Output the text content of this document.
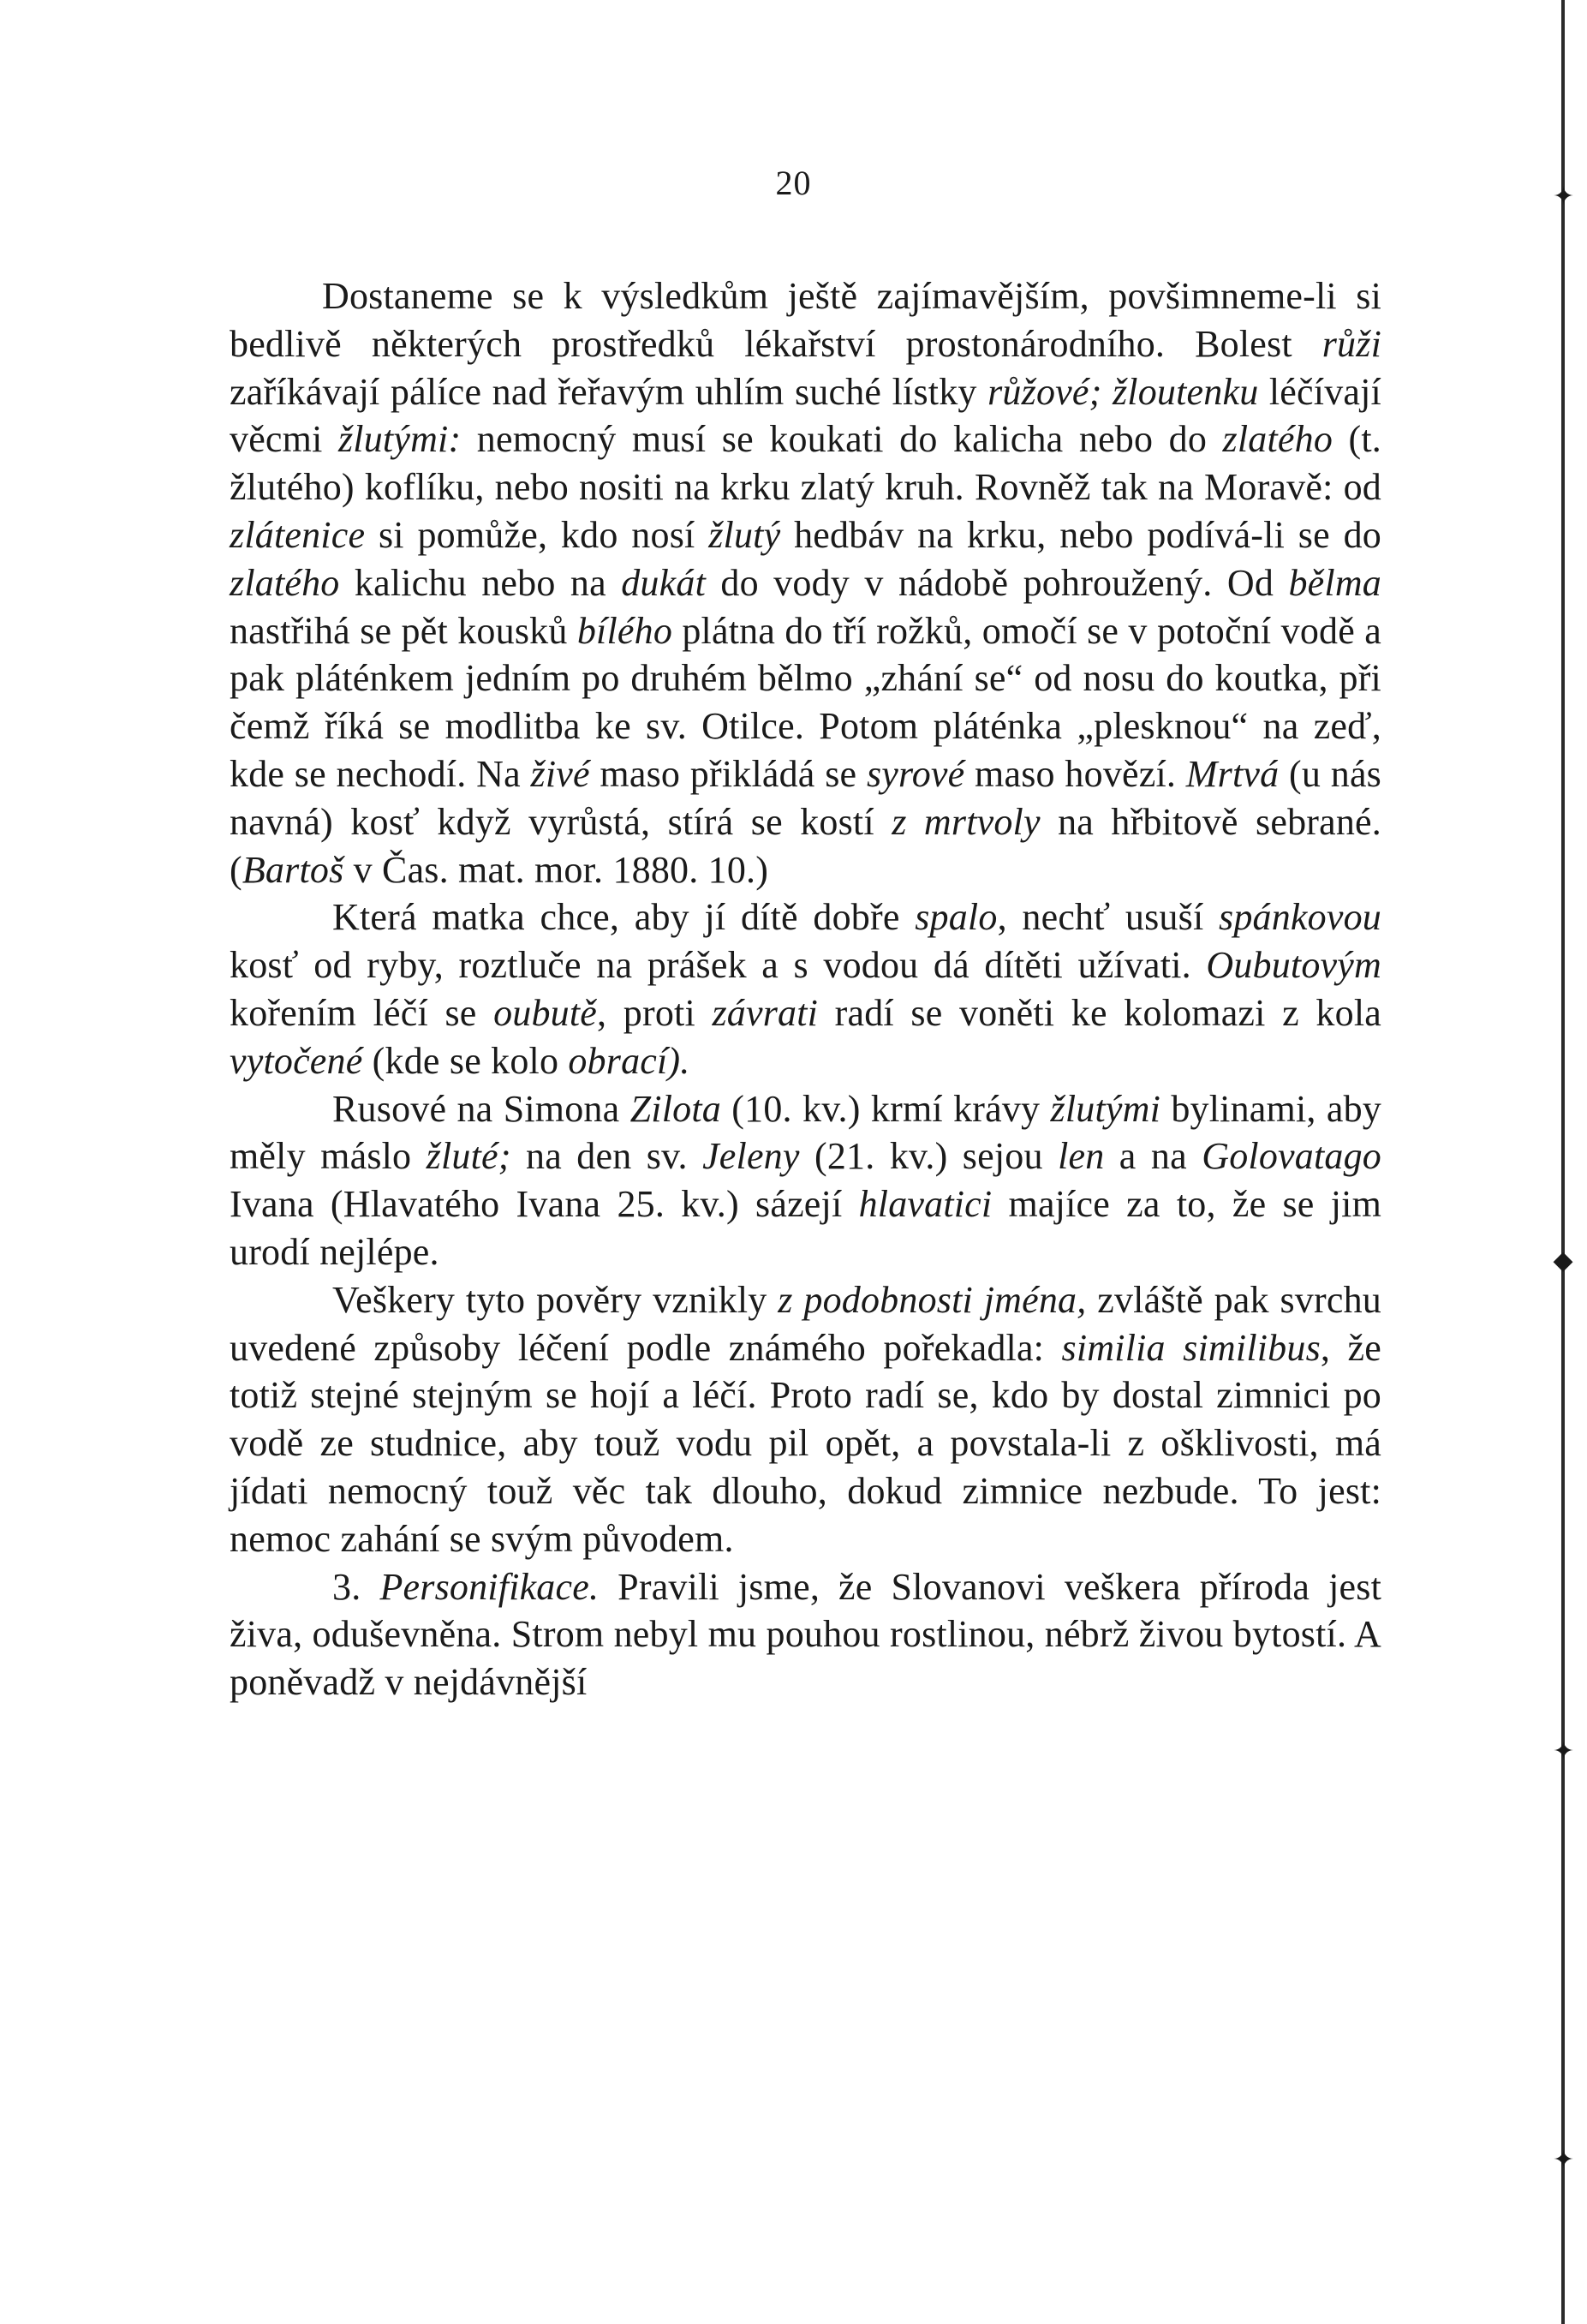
20

Dostaneme se k výsledkům ještě zajímavějším, povšimneme-li si bedlivě některých prostředků lékařství prostonárodního. Bolest růži zaříkávají pálíce nad řeřavým uhlím suché lístky růžové; žloutenku léčívají věcmi žlutými: nemocný musí se koukati do kalicha nebo do zlatého (t. žlutého) koflíku, nebo nositi na krku zlatý kruh. Rovněž tak na Moravě: od zlátenice si pomůže, kdo nosí žlutý hedbáv na krku, nebo podívá-li se do zlatého kalichu nebo na dukát do vody v nádobě pohroužený. Od bělma nastřihá se pět kousků bílého plátna do tří rožků, omočí se v potoční vodě a pak pláténkem jedním po druhém bělmo „zhání se“ od nosu do koutka, při čemž říká se modlitba ke sv. Otilce. Potom pláténka „plesknou“ na zeď, kde se nechodí. Na živé maso přikládá se syrové maso hovězí. Mrtvá (u nás navná) kosť když vyrůstá, stírá se kostí z mrtvoly na hřbitově sebrané. (Bartoš v Čas. mat. mor. 1880. 10.)

Která matka chce, aby jí dítě dobře spalo, nechť usuší spánkovou kosť od ryby, roztluče na prášek a s vodou dá dítěti užívati. Oubutovým kořením léčí se oubutě, proti závrati radí se voněti ke kolomazi z kola vytočené (kde se kolo obrací).

Rusové na Simona Zilota (10. kv.) krmí krávy žlutými bylinami, aby měly máslo žluté; na den sv. Jeleny (21. kv.) sejou len a na Golovatago Ivana (Hlavatého Ivana 25. kv.) sázejí hlavatici majíce za to, že se jim urodí nejlépe.

Veškery tyto pověry vznikly z podobnosti jména, zvláště pak svrchu uvedené způsoby léčení podle známého pořekadla: similia similibus, že totiž stejné stejným se hojí a léčí. Proto radí se, kdo by dostal zimnici po vodě ze studnice, aby touž vodu pil opět, a povstala-li z ošklivosti, má jídati nemocný touž věc tak dlouho, dokud zimnice nezbude. To jest: nemoc zahání se svým původem.

3. Personifikace. Pravili jsme, že Slovanovi veškera příroda jest živa, oduševněna. Strom nebyl mu pouhou rostlinou, nébrž živou bytostí. A poněvadž v nejdávnější

✦
◆
✦
✦
